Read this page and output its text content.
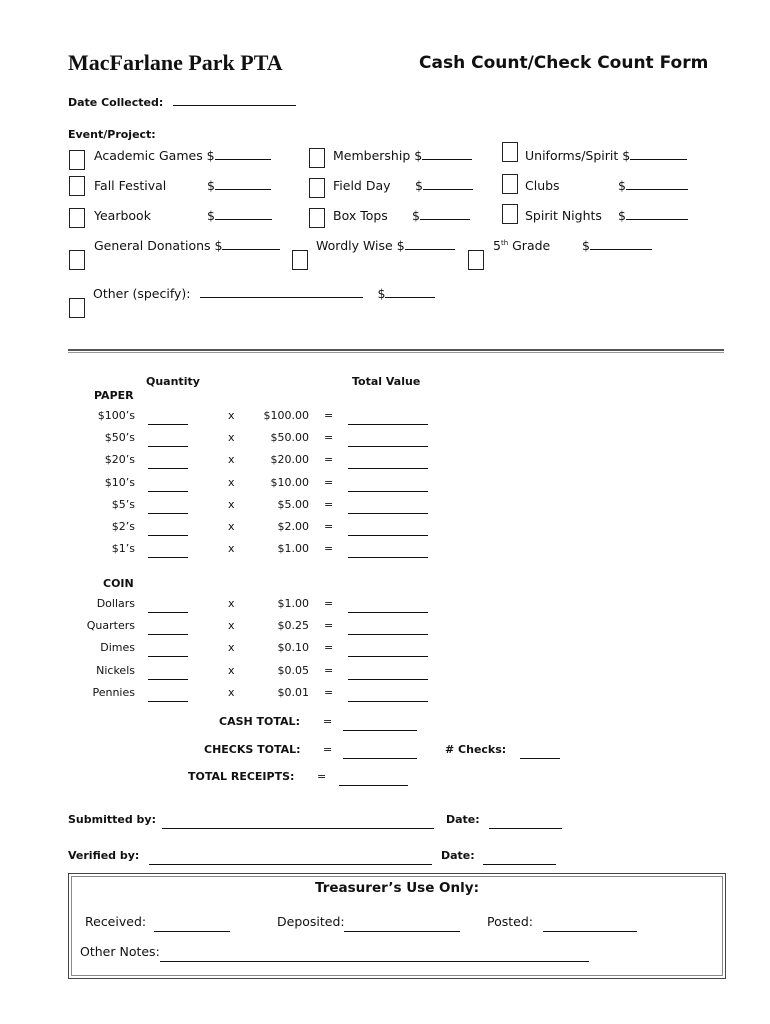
MacFarlane Park PTA	Cash Count/Check Count Form
Date Collected:
Event/Project:
Academic Games $	Membership $	Uniforms/Spirit $
Fall Festival	$	Field Day $	Clubs	$
Yearbook	$	Box Tops $	Spirit Nights $
General Donations $	Wordly Wise $	5th Grade	$
Other (specify):	$
Quantity	Total Value
PAPER
$100’s	x	$100.00 =
$50’s	x	$50.00 =
$20’s	x	$20.00 =
$10’s	x	$10.00 =
$5’s	x	$5.00 =
$2’s	x	$2.00 =
$1’s	x	$1.00 =
COIN
Dollars	x	$1.00 =
Quarters	x	$0.25 =
Dimes	x	$0.10 =
Nickels	x	$0.05 =
Pennies	x	$0.01 =
CASH TOTAL: =
CHECKS TOTAL: =	# Checks:
TOTAL RECEIPTS: =
Submitted by:	Date:
Verified by:	Date:
Treasurer’s Use Only:
Received:	Deposited:	Posted:
Other Notes:
